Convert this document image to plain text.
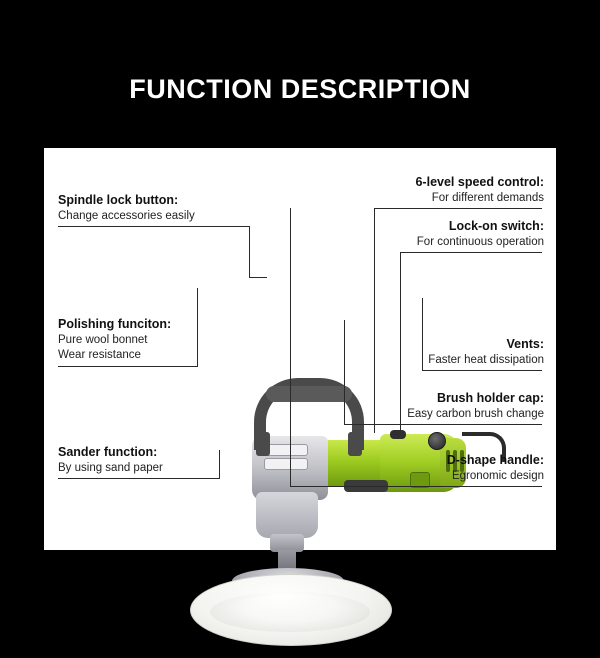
FUNCTION DESCRIPTION
Spindle lock button:
Change accessories easily
Polishing funciton:
Pure wool bonnet
Wear resistance
Sander function:
By using sand paper
6-level speed control:
For different demands
Lock-on switch:
For continuous operation
Vents:
Faster heat dissipation
Brush holder cap:
Easy carbon brush change
D-shape handle:
Egronomic design
